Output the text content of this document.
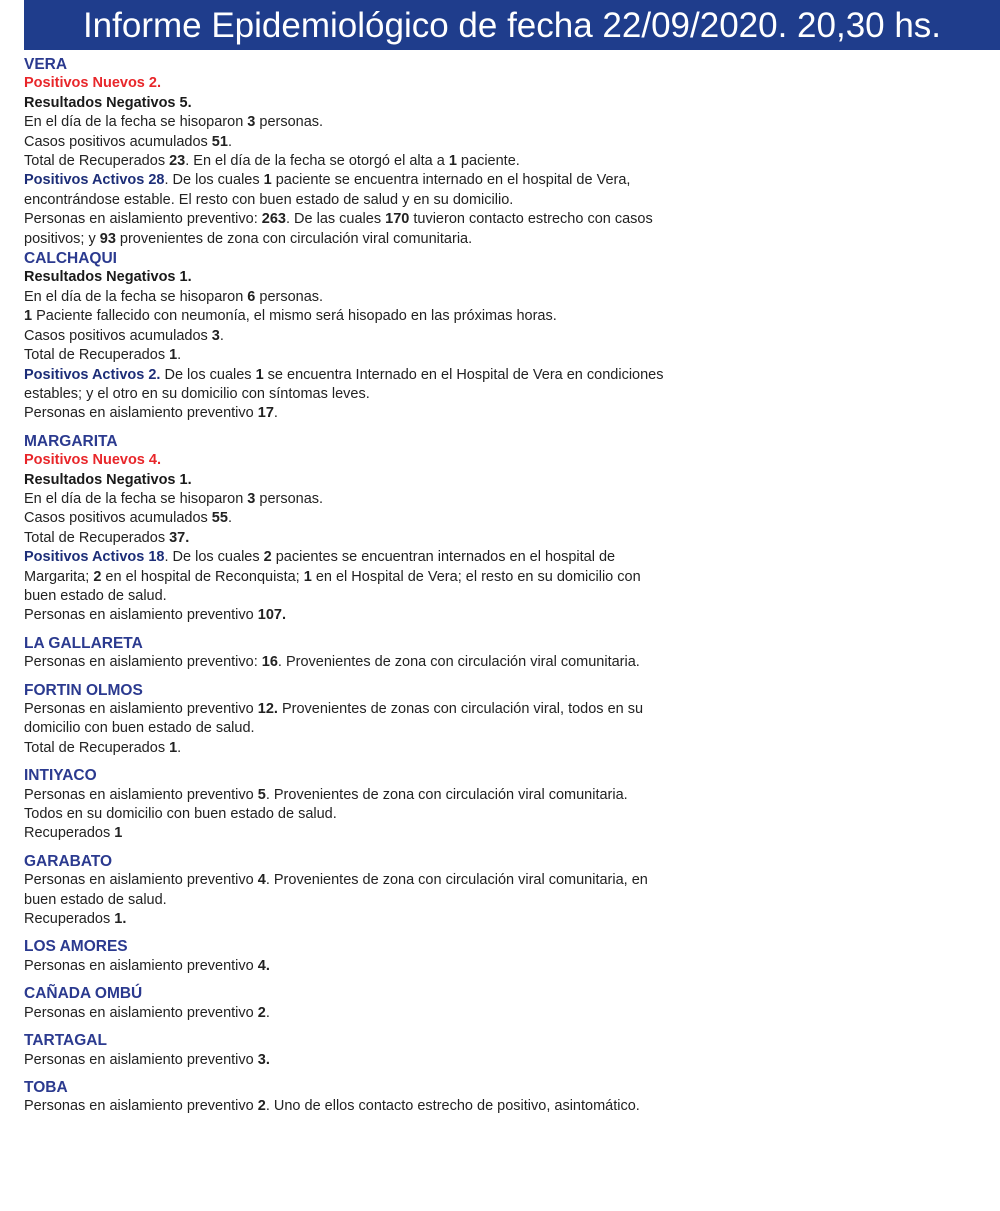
Informe Epidemiológico de fecha 22/09/2020. 20,30 hs.
VERA
Positivos Nuevos 2.
Resultados Negativos 5.
En el día de la fecha se hisoparon 3 personas.
Casos positivos acumulados 51.
Total de Recuperados 23. En el día de la fecha se otorgó el alta a 1 paciente.
Positivos Activos 28. De los cuales 1 paciente se encuentra internado en el hospital de Vera,
encontrándose estable. El resto con buen estado de salud y en su domicilio.
Personas en aislamiento preventivo: 263. De las cuales 170 tuvieron contacto estrecho con casos
positivos; y 93 provenientes de zona con circulación viral comunitaria.
CALCHAQUI
Resultados Negativos 1.
En el día de la fecha se hisoparon 6 personas.
1 Paciente fallecido con neumonía, el mismo será hisopado en las próximas horas.
Casos positivos acumulados 3.
Total de Recuperados 1.
Positivos Activos 2. De los cuales 1 se encuentra Internado en el Hospital de Vera en condiciones
estables; y el otro en su domicilio con síntomas leves.
Personas en aislamiento preventivo 17.
MARGARITA
Positivos Nuevos 4.
Resultados Negativos 1.
En el día de la fecha se hisoparon 3 personas.
Casos positivos acumulados 55.
Total de Recuperados 37.
Positivos Activos 18. De los cuales 2 pacientes se encuentran internados en el hospital de
Margarita; 2 en el hospital de Reconquista; 1 en el Hospital de Vera; el resto en su domicilio con
buen estado de salud.
Personas en aislamiento preventivo 107.
LA GALLARETA
Personas en aislamiento preventivo: 16. Provenientes de zona con circulación viral comunitaria.
FORTIN OLMOS
Personas en aislamiento preventivo 12. Provenientes de zonas con circulación viral, todos en su
domicilio con buen estado de salud.
Total de Recuperados 1.
INTIYACO
Personas en aislamiento preventivo 5. Provenientes de zona con circulación viral comunitaria.
Todos en su domicilio con buen estado de salud.
Recuperados 1
GARABATO
Personas en aislamiento preventivo 4. Provenientes de zona con circulación viral comunitaria, en
buen estado de salud.
Recuperados 1.
LOS AMORES
Personas en aislamiento preventivo 4.
CAÑADA OMBÚ
Personas en aislamiento preventivo 2.
TARTAGAL
Personas en aislamiento preventivo 3.
TOBA
Personas en aislamiento preventivo 2. Uno de ellos contacto estrecho de positivo, asintomático.
